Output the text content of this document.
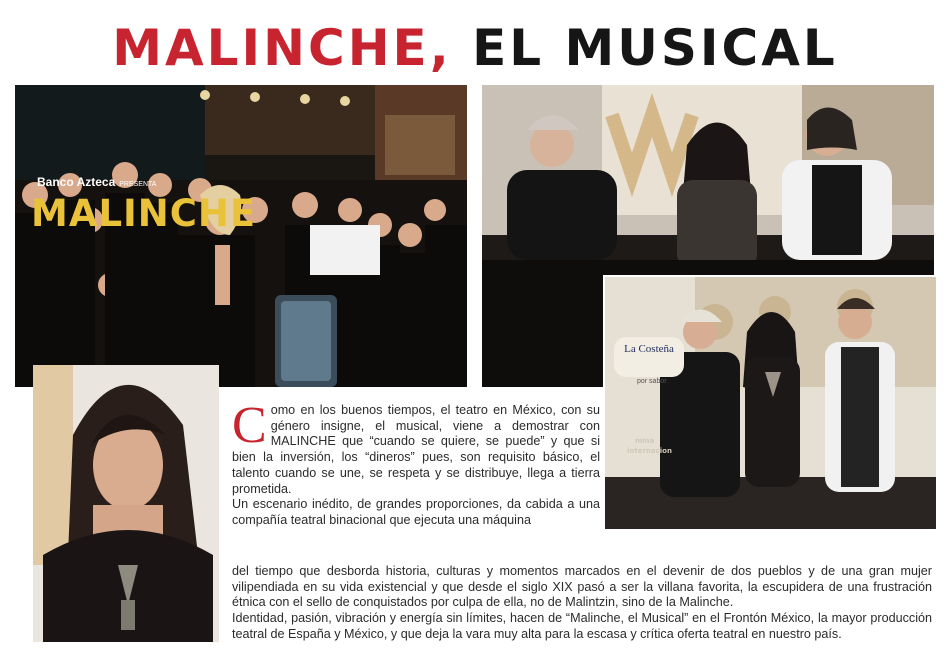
MALINCHE, EL MUSICAL
Banco Azteca PRESENTA
MALINCHE
La Costeña
por sabor
mma
internacion

Como en los buenos tiempos, el teatro en México, con su género insigne, el musical, viene a demostrar con MALINCHE que “cuando se quiere, se puede” y que si bien la inversión, los “dineros” pues, son requisito básico, el talento cuando se une, se respeta y se distribuye, llega a tierra prometida.

Un escenario inédito, de grandes proporciones, da cabida a una compañía teatral binacional que ejecuta una máquina

del tiempo que desborda historia, culturas y momentos marcados en el devenir de dos pueblos y de una gran mujer vilipendiada en su vida existencial y que desde el siglo XIX pasó a ser la villana favorita, la escupidera de una frustración étnica con el sello de conquistados por culpa de ella, no de Malintzin, sino de la Malinche.

Identidad, pasión, vibración y energía sin límites, hacen de “Malinche, el Musical” en el Frontón México, la mayor producción teatral de España y México, y que deja la vara muy alta para la escasa y crítica oferta teatral en nuestro país.
